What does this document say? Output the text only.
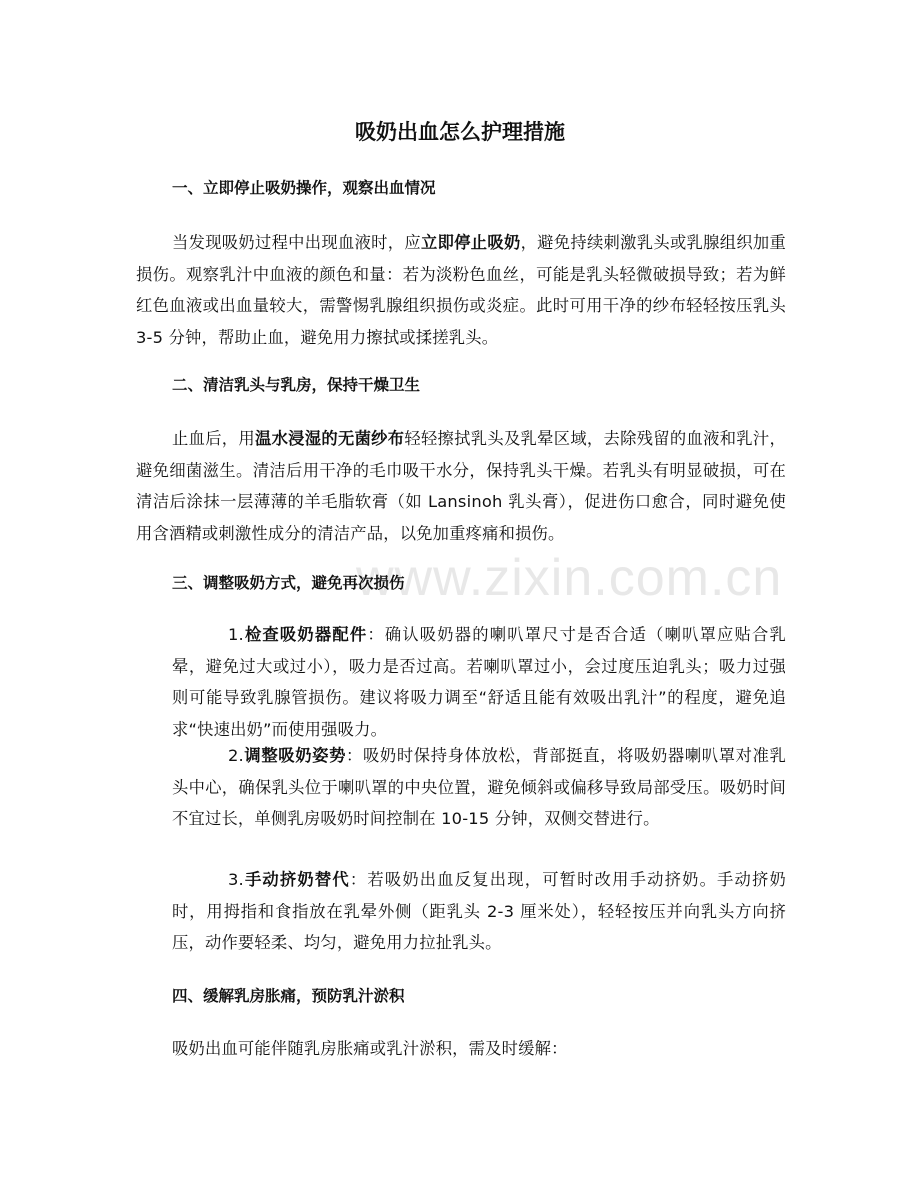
www.zixin.com.cn
吸奶出血怎么护理措施
一、立即停止吸奶操作，观察出血情况
当发现吸奶过程中出现血液时，应立即停止吸奶，避免持续刺激乳头或乳腺组织加重损伤。观察乳汁中血液的颜色和量：若为淡粉色血丝，可能是乳头轻微破损导致；若为鲜红色血液或出血量较大，需警惕乳腺组织损伤或炎症。此时可用干净的纱布轻轻按压乳头 3-5 分钟，帮助止血，避免用力擦拭或揉搓乳头。
二、清洁乳头与乳房，保持干燥卫生
止血后，用温水浸湿的无菌纱布轻轻擦拭乳头及乳晕区域，去除残留的血液和乳汁，避免细菌滋生。清洁后用干净的毛巾吸干水分，保持乳头干燥。若乳头有明显破损，可在清洁后涂抹一层薄薄的羊毛脂软膏（如 Lansinoh 乳头膏），促进伤口愈合，同时避免使用含酒精或刺激性成分的清洁产品，以免加重疼痛和损伤。
三、调整吸奶方式，避免再次损伤
1.检查吸奶器配件：确认吸奶器的喇叭罩尺寸是否合适（喇叭罩应贴合乳晕，避免过大或过小），吸力是否过高。若喇叭罩过小，会过度压迫乳头；吸力过强则可能导致乳腺管损伤。建议将吸力调至“舒适且能有效吸出乳汁”的程度，避免追求“快速出奶”而使用强吸力。
2.调整吸奶姿势：吸奶时保持身体放松，背部挺直，将吸奶器喇叭罩对准乳头中心，确保乳头位于喇叭罩的中央位置，避免倾斜或偏移导致局部受压。吸奶时间不宜过长，单侧乳房吸奶时间控制在 10-15 分钟，双侧交替进行。
3.手动挤奶替代：若吸奶出血反复出现，可暂时改用手动挤奶。手动挤奶时，用拇指和食指放在乳晕外侧（距乳头 2-3 厘米处），轻轻按压并向乳头方向挤压，动作要轻柔、均匀，避免用力拉扯乳头。
四、缓解乳房胀痛，预防乳汁淤积
吸奶出血可能伴随乳房胀痛或乳汁淤积，需及时缓解：
